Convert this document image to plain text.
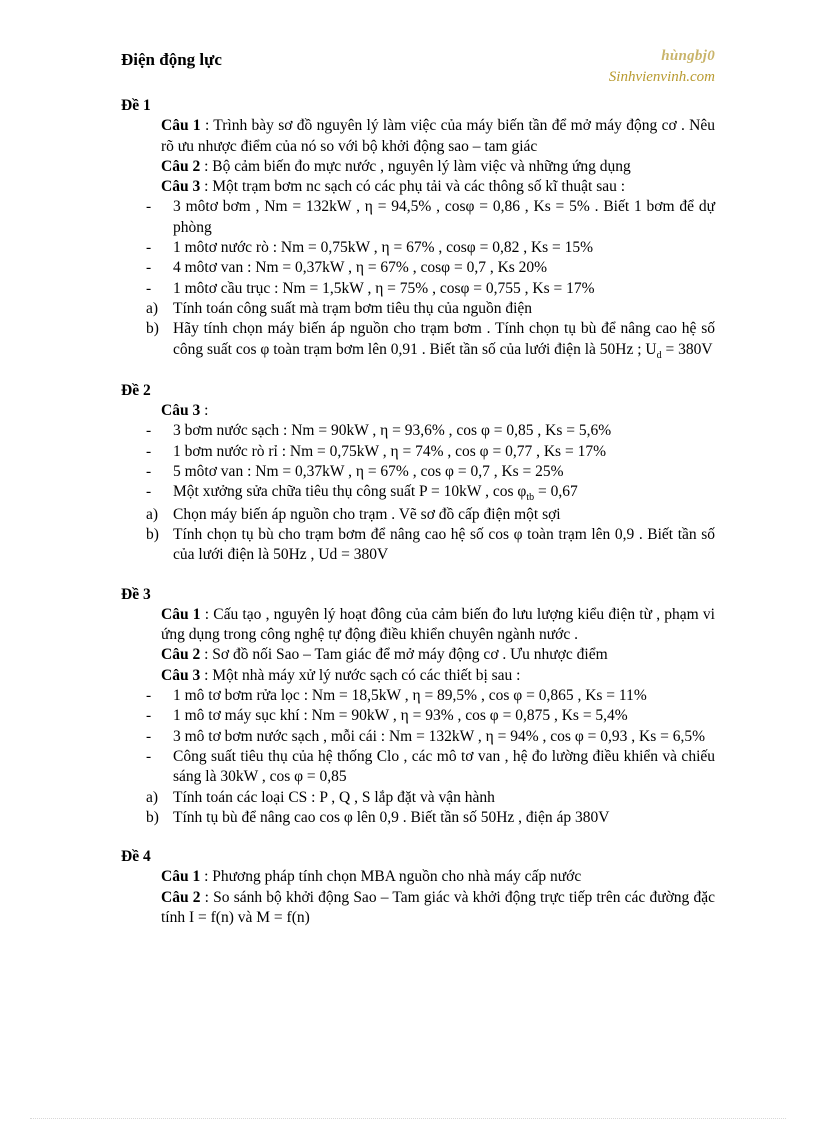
Điện động lực	hùngbj0
Sinhvienvinh.com

Đề 1

Câu 1 : Trình bày sơ đồ nguyên lý làm việc của máy biến tần để mở máy động cơ . Nêu rõ ưu nhược điểm của nó so với bộ khởi động sao – tam giác

Câu 2 : Bộ cảm biến đo mực nước , nguyên lý làm việc và những ứng dụng

Câu 3 : Một trạm bơm nc sạch có các phụ tải và các thông số kĩ thuật sau :

- 3 môtơ bơm , Nm = 132kW , η = 94,5% , cosφ = 0,86 , Ks = 5% . Biết 1 bơm để dự phòng

- 1 môtơ nước rò : Nm = 0,75kW , η = 67% , cosφ = 0,82 , Ks = 15%

- 4 môtơ van : Nm = 0,37kW , η = 67% , cosφ = 0,7 , Ks 20%

- 1 môtơ cầu trục : Nm = 1,5kW , η = 75% , cosφ = 0,755 , Ks = 17%

a) Tính toán công suất mà trạm bơm tiêu thụ của nguồn điện

b) Hãy tính chọn máy biến áp nguồn cho trạm bơm . Tính chọn tụ bù để nâng cao hệ số công suất cos φ toàn trạm bơm lên 0,91 . Biết tần số của lưới điện là 50Hz ; $U_d = 380V$

Đề 2

Câu 3 :

- 3 bơm nước sạch : Nm = 90kW , η = 93,6% , cos φ = 0,85 , Ks = 5,6%

- 1 bơm nước rò rỉ : Nm = 0,75kW , η = 74% , cos φ = 0,77 , Ks = 17%

- 5 môtơ van : Nm = 0,37kW , η = 67% , cos φ = 0,7 , Ks = 25%

- Một xưởng sửa chữa tiêu thụ công suất P = 10kW , $\cos \varphi_{tb} = 0,67$

a) Chọn máy biến áp nguồn cho trạm . Vẽ sơ đồ cấp điện một sợi

b) Tính chọn tụ bù cho trạm bơm để nâng cao hệ số cos φ toàn trạm lên 0,9 . Biết tần số của lưới điện là 50Hz , Ud = 380V

Đề 3

Câu 1 : Cấu tạo , nguyên lý hoạt đông của cảm biến đo lưu lượng kiểu điện từ , phạm vi ứng dụng trong công nghệ tự động điều khiển chuyên ngành nước .

Câu 2 : Sơ đồ nối Sao – Tam giác để mở máy động cơ . Ưu nhược điểm

Câu 3 : Một nhà máy xử lý nước sạch có các thiết bị sau :

- 1 mô tơ bơm rửa lọc : Nm = 18,5kW , η = 89,5% , cos φ = 0,865 , Ks = 11%

- 1 mô tơ máy sục khí : Nm = 90kW , η = 93% , cos φ = 0,875 , Ks = 5,4%

- 3 mô tơ bơm nước sạch , mỗi cái : Nm = 132kW , η = 94% , cos φ = 0,93 , Ks = 6,5%

- Công suất tiêu thụ của hệ thống Clo , các mô tơ van , hệ đo lường điều khiển và chiếu sáng là 30kW , cos φ = 0,85

a) Tính toán các loại CS : P , Q , S lắp đặt và vận hành

b) Tính tụ bù để nâng cao cos φ lên 0,9 . Biết tần số 50Hz , điện áp 380V

Đề 4

Câu 1 : Phương pháp tính chọn MBA nguồn cho nhà máy cấp nước

Câu 2 : So sánh bộ khởi động Sao – Tam giác và khởi động trực tiếp trên các đường đặc tính I = f(n) và M = f(n)
